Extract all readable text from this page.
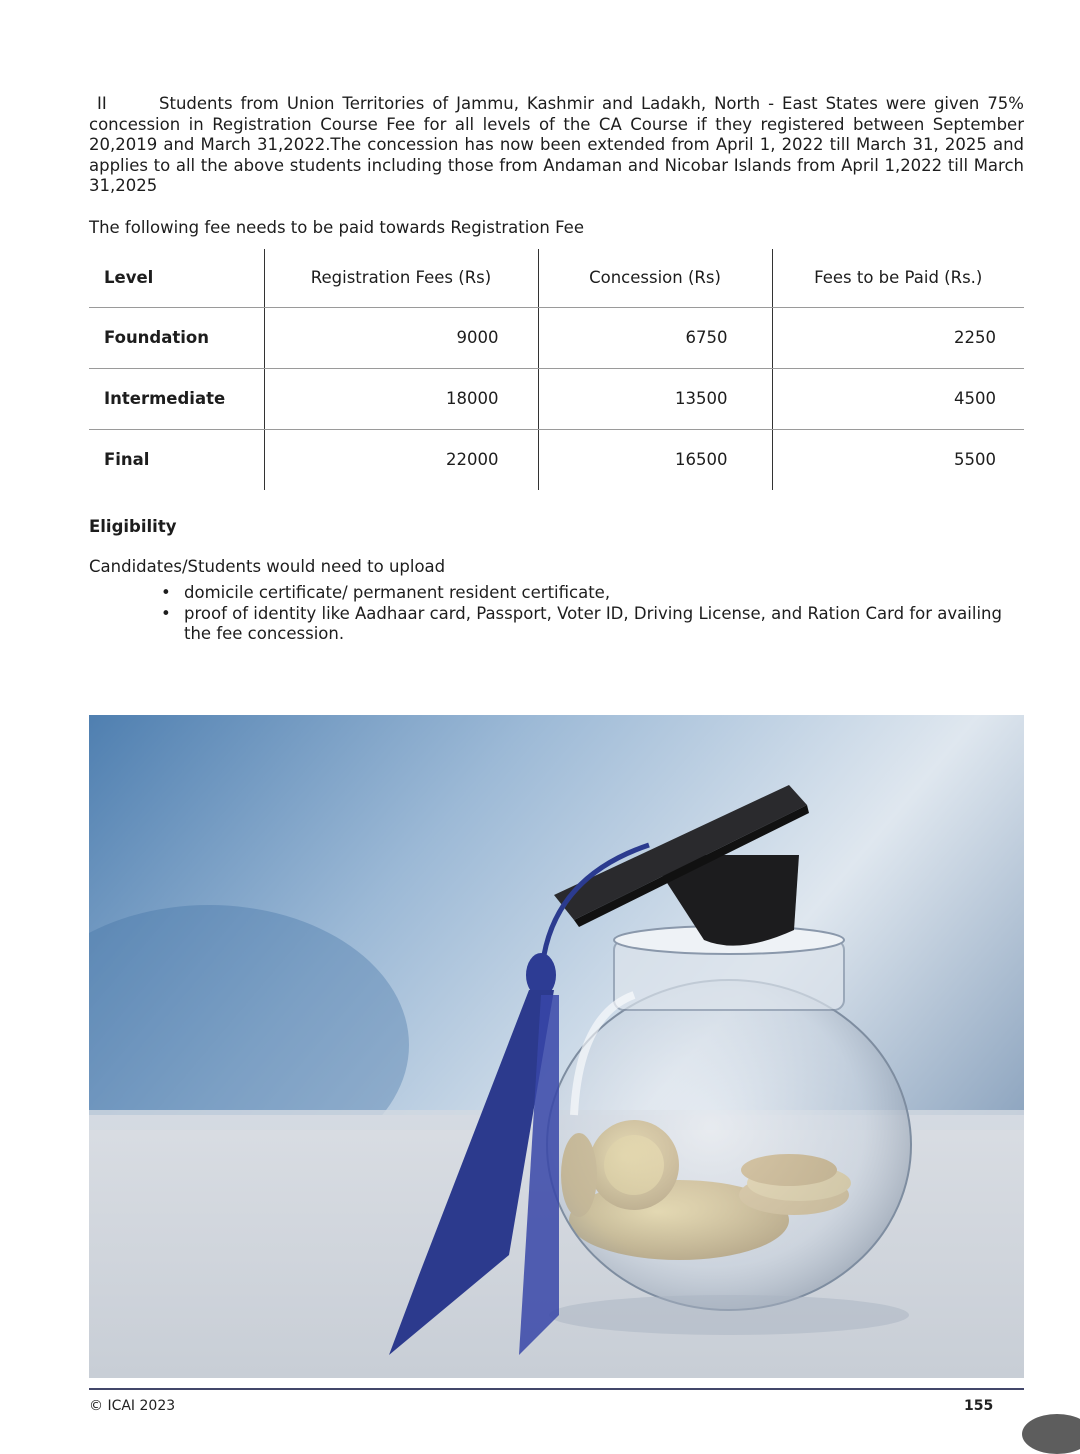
II	Students from Union Territories of Jammu, Kashmir and Ladakh, North - East States were given 75% concession in Registration Course Fee for all levels of the CA Course if they registered between September 20,2019 and March 31,2022.The concession has now been extended from April 1, 2022 till March 31, 2025 and applies to all the above students including those from Andaman and Nicobar Islands from April 1,2022 till March 31,2025
The following fee needs to be paid towards Registration Fee
Level	Registration Fees (Rs)	Concession (Rs)	Fees to be Paid (Rs.)
Foundation	9000	6750	2250
Intermediate	18000	13500	4500
Final	22000	16500	5500
Eligibility
Candidates/Students would need to upload
• domicile certificate/ permanent resident certificate,
• proof of identity like Aadhaar card, Passport, Voter ID, Driving License, and Ration Card for availing the fee concession.
© ICAI 2023	155
